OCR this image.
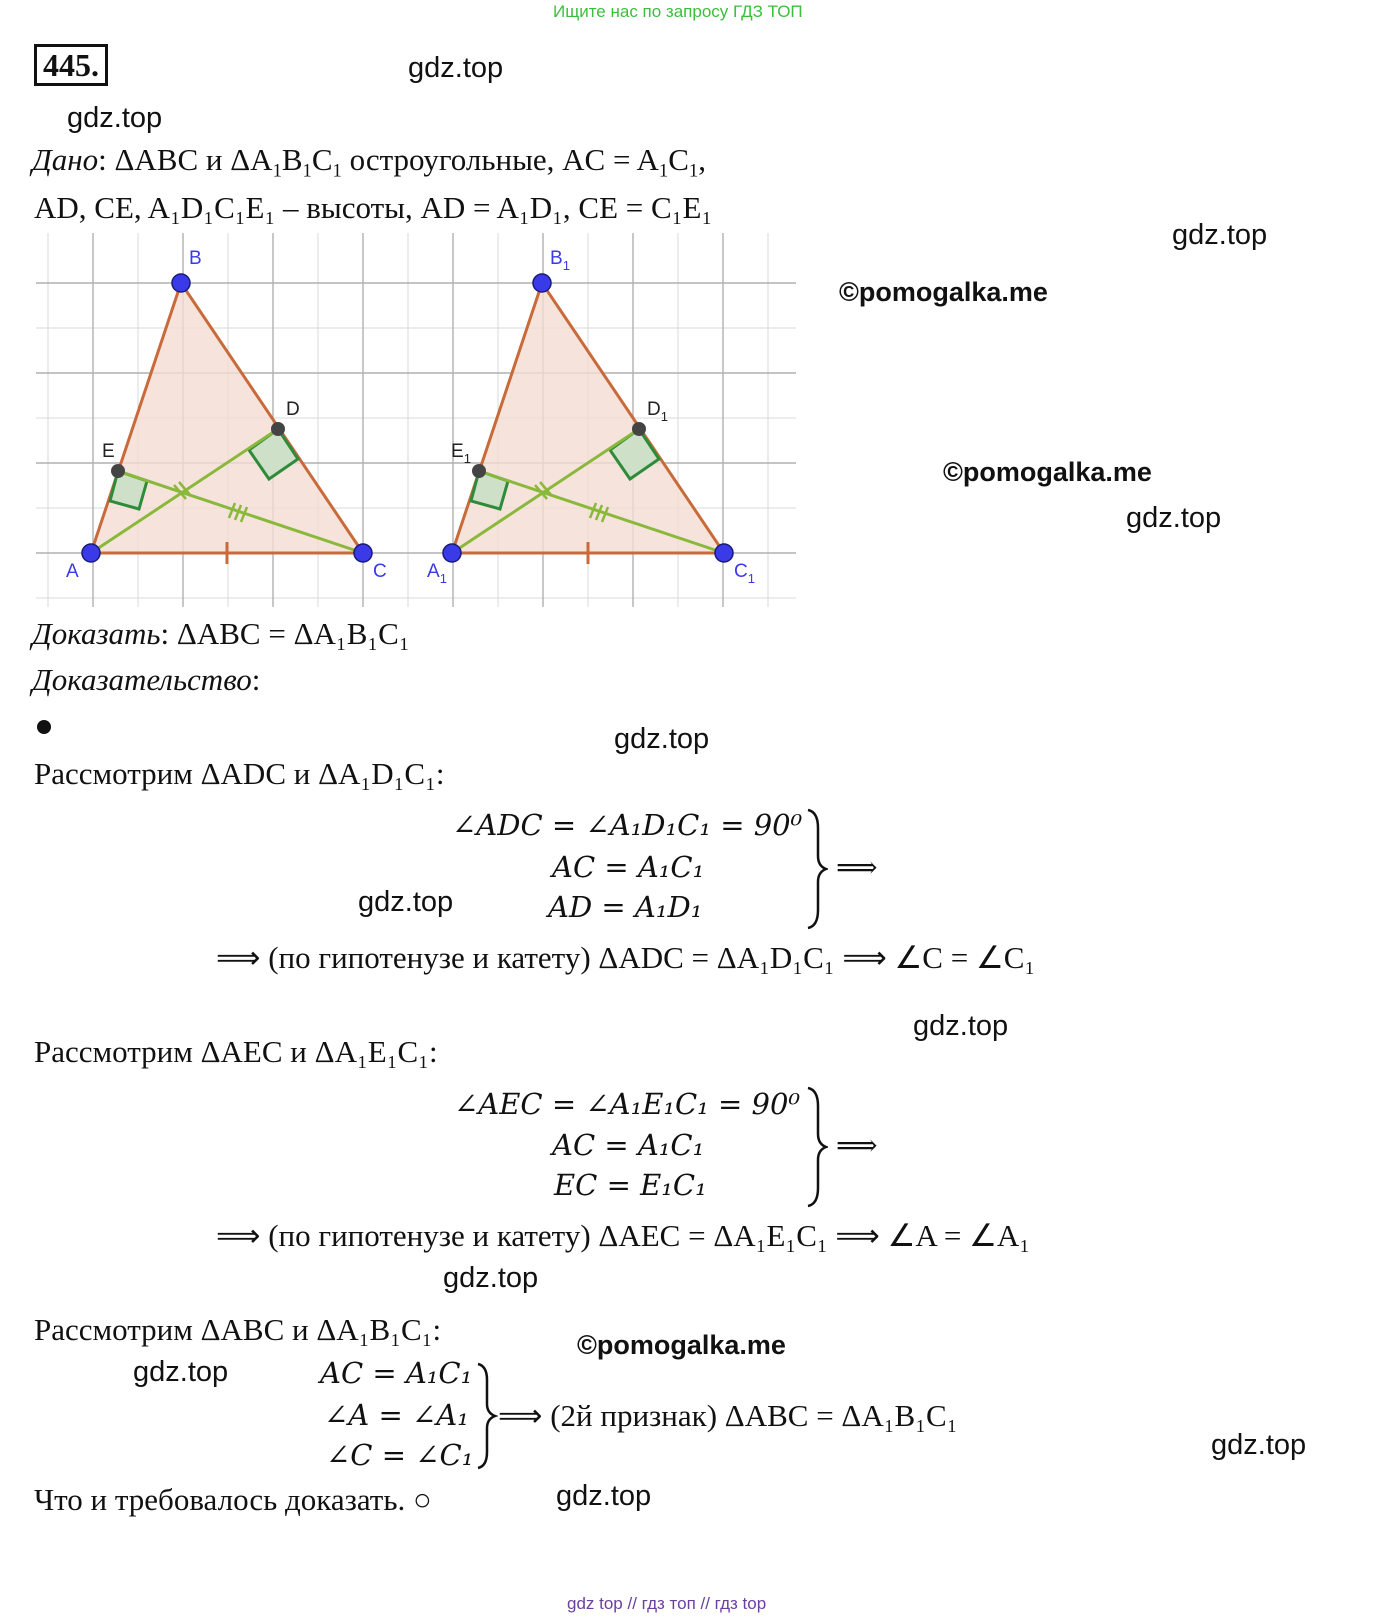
Ищите нас по запросу ГДЗ ТОП
445.	gdz.top
gdz.top
gdz.top
©pomogalka.me
©pomogalka.me
gdz.top
gdz.top
gdz.top
gdz.top
gdz.top
©pomogalka.me
gdz.top
gdz.top
gdz.top
Дано: ΔABC и $\Delta A_1B_1C_1$ остроугольные, AC = $A_1C_1$,
AD, CE, A₁D₁C₁E₁ – высоты, AD = A₁D₁, CE = C₁E₁
A
B
C
D
E
$A_1$
$B_1$
$C_1$
$D_1$
$E_1$
Доказать: ΔABC = ΔA₁B₁C₁
Доказательство:
Рассмотрим ΔADC и ΔA₁D₁C₁:
∠ADC = ∠A₁D₁C₁ = 90⁰
AC = A₁C₁
AD = A₁D₁
⟹
⟹ (по гипотенузе и катету) ΔADC = ΔA₁D₁C₁ ⟹ ∠C = ∠C₁
Рассмотрим ΔAEC и ΔA₁E₁C₁:
∠AEC = ∠A₁E₁C₁ = 90⁰
AC = A₁C₁
EC = E₁C₁
⟹
⟹ (по гипотенузе и катету) ΔAEC = ΔA₁E₁C₁ ⟹ ∠A = ∠A₁
Рассмотрим ΔABC и ΔA₁B₁C₁:
AC = A₁C₁
∠A = ∠A₁
∠C = ∠C₁
⟹ (2й признак) ΔABC = ΔA₁B₁C₁
Что и требовалось доказать. ○
gdz top // гдз топ // гдз top
